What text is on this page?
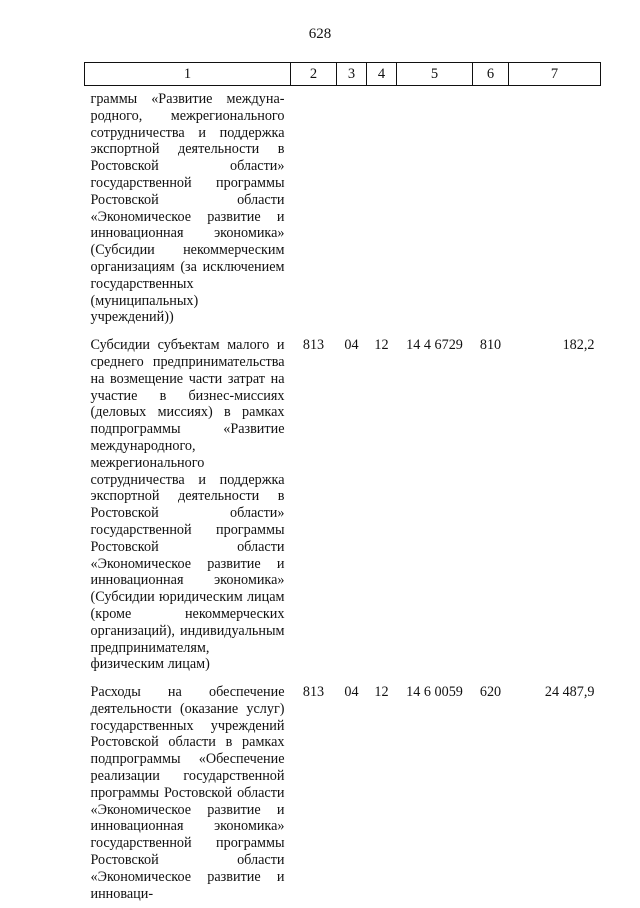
628
1	2	3	4	5	6	7
граммы «Развитие междуна-родного, межрегионального сотрудничества и поддержка экспортной деятельности в Ростовской области» государственной программы Ростовской области «Экономическое развитие и инновационная экономика» (Субсидии некоммерческим организациям (за исключением государственных (муниципальных) учреждений))						
Субсидии субъектам малого и среднего предпринимательства на возмещение части затрат на участие в бизнес-миссиях (деловых миссиях) в рамках подпрограммы «Развитие международного, межрегионального сотрудничества и поддержка экспортной деятельности в Ростовской области» государственной программы Ростовской области «Экономическое развитие и инновационная экономика» (Субсидии юридическим лицам (кроме некоммерческих организаций), индивидуальным предпринимателям, физическим лицам)	813	04	12	14 4 6729	810	182,2
Расходы на обеспечение деятельности (оказание услуг) государственных учреждений Ростовской области в рамках подпрограммы «Обеспечение реализации государственной программы Ростовской области «Экономическое развитие и инновационная экономика» государственной программы Ростовской области «Экономическое развитие и инноваци-	813	04	12	14 6 0059	620	24 487,9
